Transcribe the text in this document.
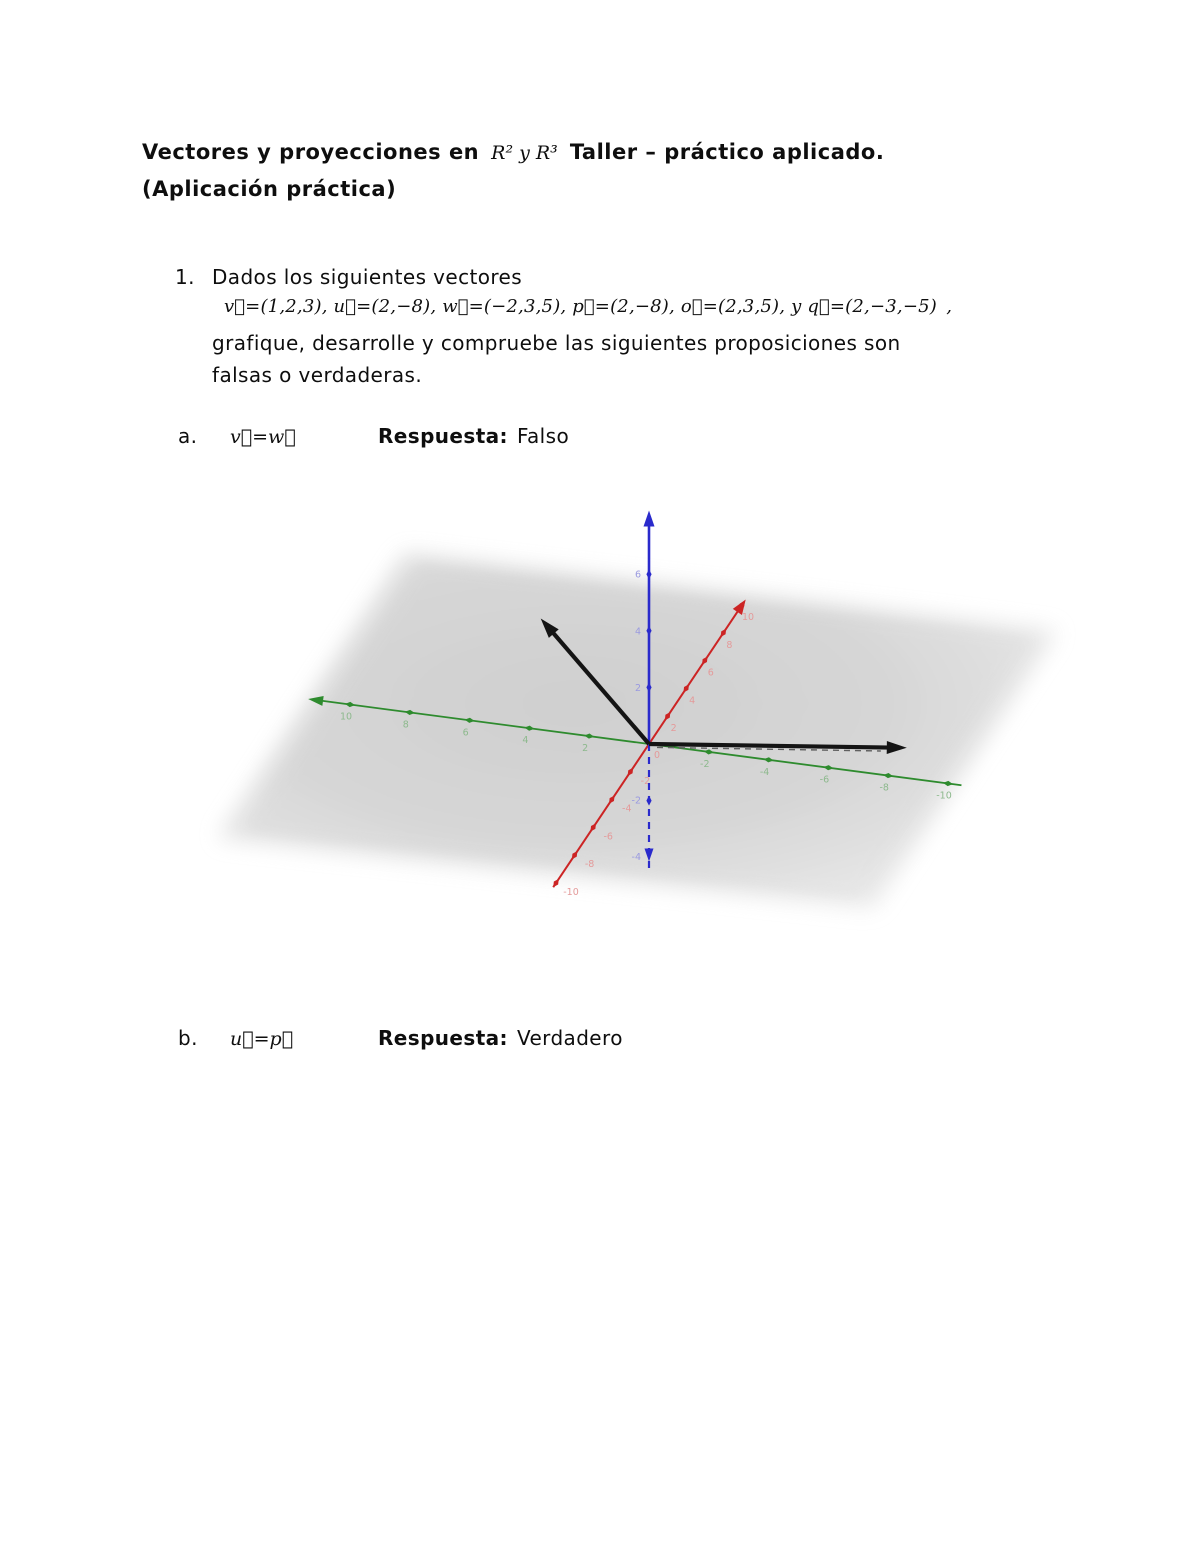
Vectores y proyecciones en R² y R³ Taller – práctico aplicado.
(Aplicación práctica)
1. Dados los siguientes vectores
v⃗=(1,2,3), u⃗=(2,−8), w⃗=(−2,3,5), p⃗=(2,−8), o⃗=(2,3,5), y q⃗=(2,−3,−5) ,
grafique, desarrolle y compruebe las siguientes proposiciones son
falsas o verdaderas.
a. v⃗=w⃗	Respuesta: Falso
-10
-8
-6
-4
-2
2
4
6
8
10
-10
-8
-6
-4
-2
2
4
6
8
10
0
2
4
6
-2
-4
b. u⃗=p⃗	Respuesta: Verdadero
